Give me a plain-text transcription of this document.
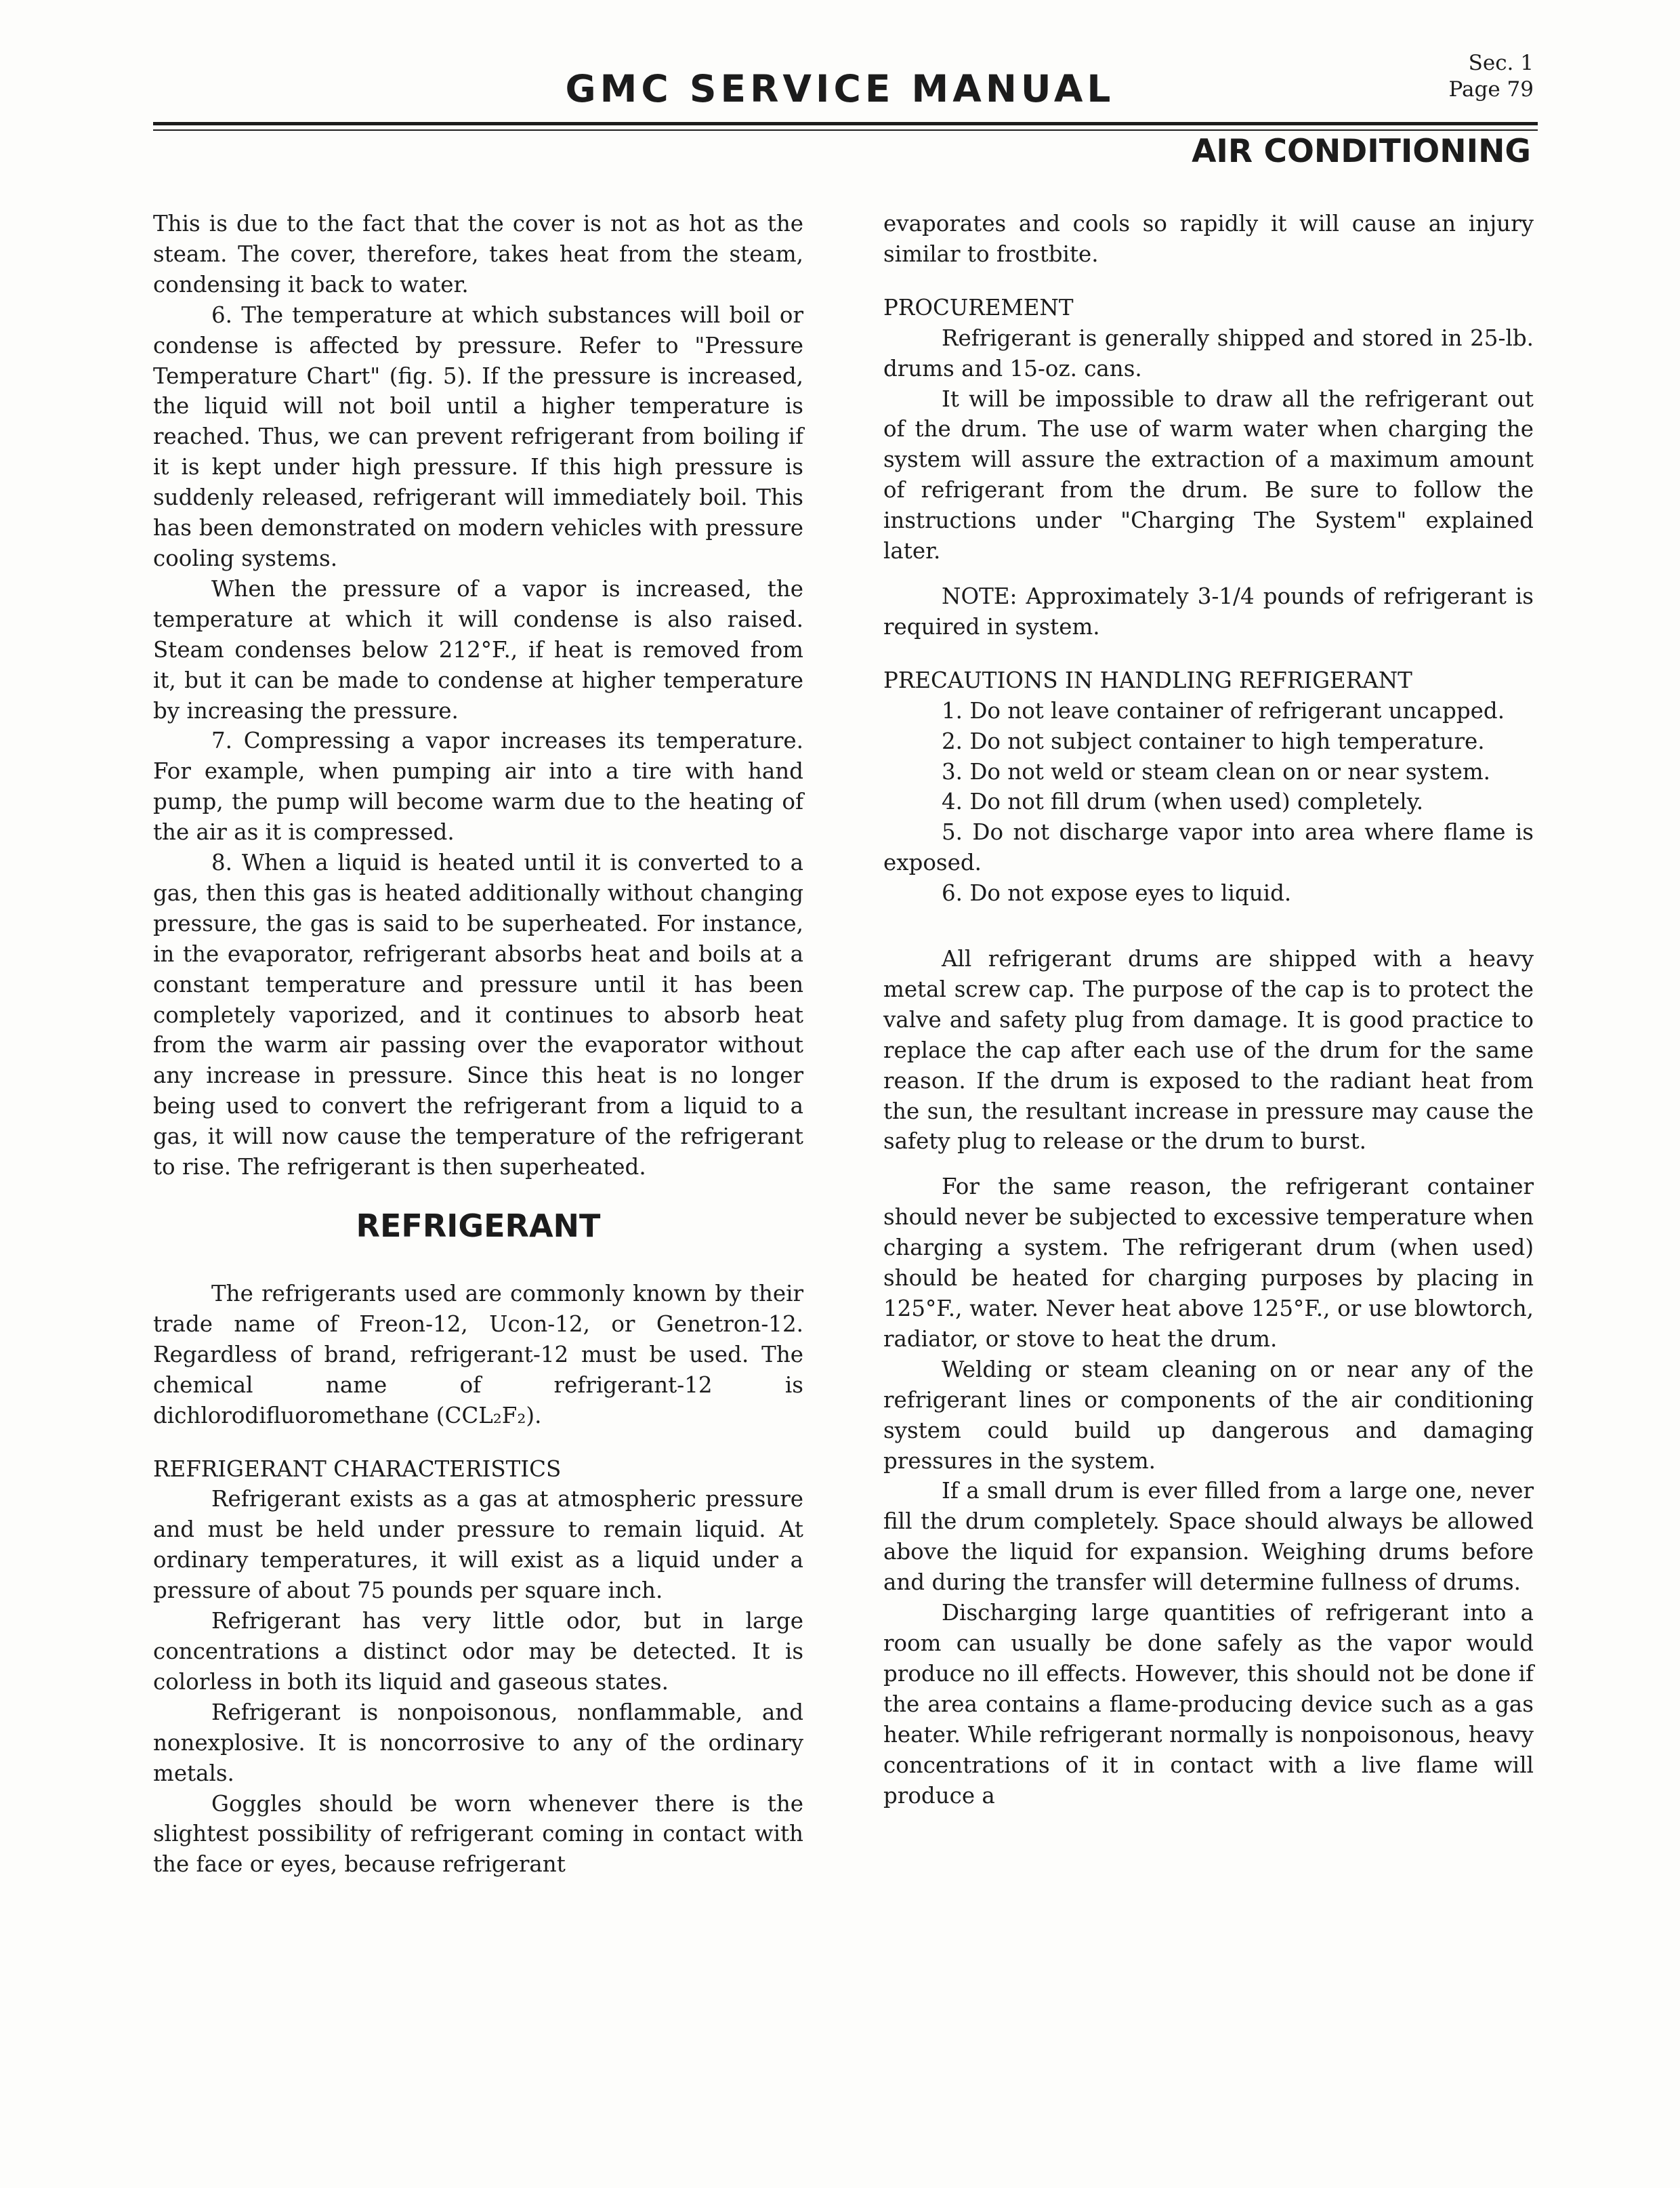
GMC SERVICE MANUAL
Sec. 1
Page 79
AIR CONDITIONING

This is due to the fact that the cover is not as hot as the steam. The cover, therefore, takes heat from the steam, condensing it back to water.

6. The temperature at which substances will boil or condense is affected by pressure. Refer to "Pressure Temperature Chart" (fig. 5). If the pressure is increased, the liquid will not boil until a higher temperature is reached. Thus, we can prevent refrigerant from boiling if it is kept under high pressure. If this high pressure is suddenly released, refrigerant will immediately boil. This has been demonstrated on modern vehicles with pressure cooling systems.

When the pressure of a vapor is increased, the temperature at which it will condense is also raised. Steam condenses below 212°F., if heat is removed from it, but it can be made to condense at higher temperature by increasing the pressure.

7. Compressing a vapor increases its temperature. For example, when pumping air into a tire with hand pump, the pump will become warm due to the heating of the air as it is compressed.

8. When a liquid is heated until it is converted to a gas, then this gas is heated additionally without changing pressure, the gas is said to be superheated. For instance, in the evaporator, refrigerant absorbs heat and boils at a constant temperature and pressure until it has been completely vaporized, and it continues to absorb heat from the warm air passing over the evaporator without any increase in pressure. Since this heat is no longer being used to convert the refrigerant from a liquid to a gas, it will now cause the temperature of the refrigerant to rise. The refrigerant is then superheated.

REFRIGERANT

The refrigerants used are commonly known by their trade name of Freon-12, Ucon-12, or Genetron-12. Regardless of brand, refrigerant-12 must be used. The chemical name of refrigerant-12 is dichlorodifluoromethane (CCL₂F₂).

REFRIGERANT CHARACTERISTICS

Refrigerant exists as a gas at atmospheric pressure and must be held under pressure to remain liquid. At ordinary temperatures, it will exist as a liquid under a pressure of about 75 pounds per square inch.

Refrigerant has very little odor, but in large concentrations a distinct odor may be detected. It is colorless in both its liquid and gaseous states.

Refrigerant is nonpoisonous, nonflammable, and nonexplosive. It is noncorrosive to any of the ordinary metals.

Goggles should be worn whenever there is the slightest possibility of refrigerant coming in contact with the face or eyes, because refrigerant

evaporates and cools so rapidly it will cause an injury similar to frostbite.

PROCUREMENT

Refrigerant is generally shipped and stored in 25-lb. drums and 15-oz. cans.

It will be impossible to draw all the refrigerant out of the drum. The use of warm water when charging the system will assure the extraction of a maximum amount of refrigerant from the drum. Be sure to follow the instructions under "Charging The System" explained later.

NOTE: Approximately 3-1/4 pounds of refrigerant is required in system.

PRECAUTIONS IN HANDLING REFRIGERANT

1. Do not leave container of refrigerant uncapped.

2. Do not subject container to high temperature.

3. Do not weld or steam clean on or near system.

4. Do not fill drum (when used) completely.

5. Do not discharge vapor into area where flame is exposed.

6. Do not expose eyes to liquid.

All refrigerant drums are shipped with a heavy metal screw cap. The purpose of the cap is to protect the valve and safety plug from damage. It is good practice to replace the cap after each use of the drum for the same reason. If the drum is exposed to the radiant heat from the sun, the resultant increase in pressure may cause the safety plug to release or the drum to burst.

For the same reason, the refrigerant container should never be subjected to excessive temperature when charging a system. The refrigerant drum (when used) should be heated for charging purposes by placing in 125°F., water. Never heat above 125°F., or use blowtorch, radiator, or stove to heat the drum.

Welding or steam cleaning on or near any of the refrigerant lines or components of the air conditioning system could build up dangerous and damaging pressures in the system.

If a small drum is ever filled from a large one, never fill the drum completely. Space should always be allowed above the liquid for expansion. Weighing drums before and during the transfer will determine fullness of drums.

Discharging large quantities of refrigerant into a room can usually be done safely as the vapor would produce no ill effects. However, this should not be done if the area contains a flame-producing device such as a gas heater. While refrigerant normally is nonpoisonous, heavy concentrations of it in contact with a live flame will produce a
